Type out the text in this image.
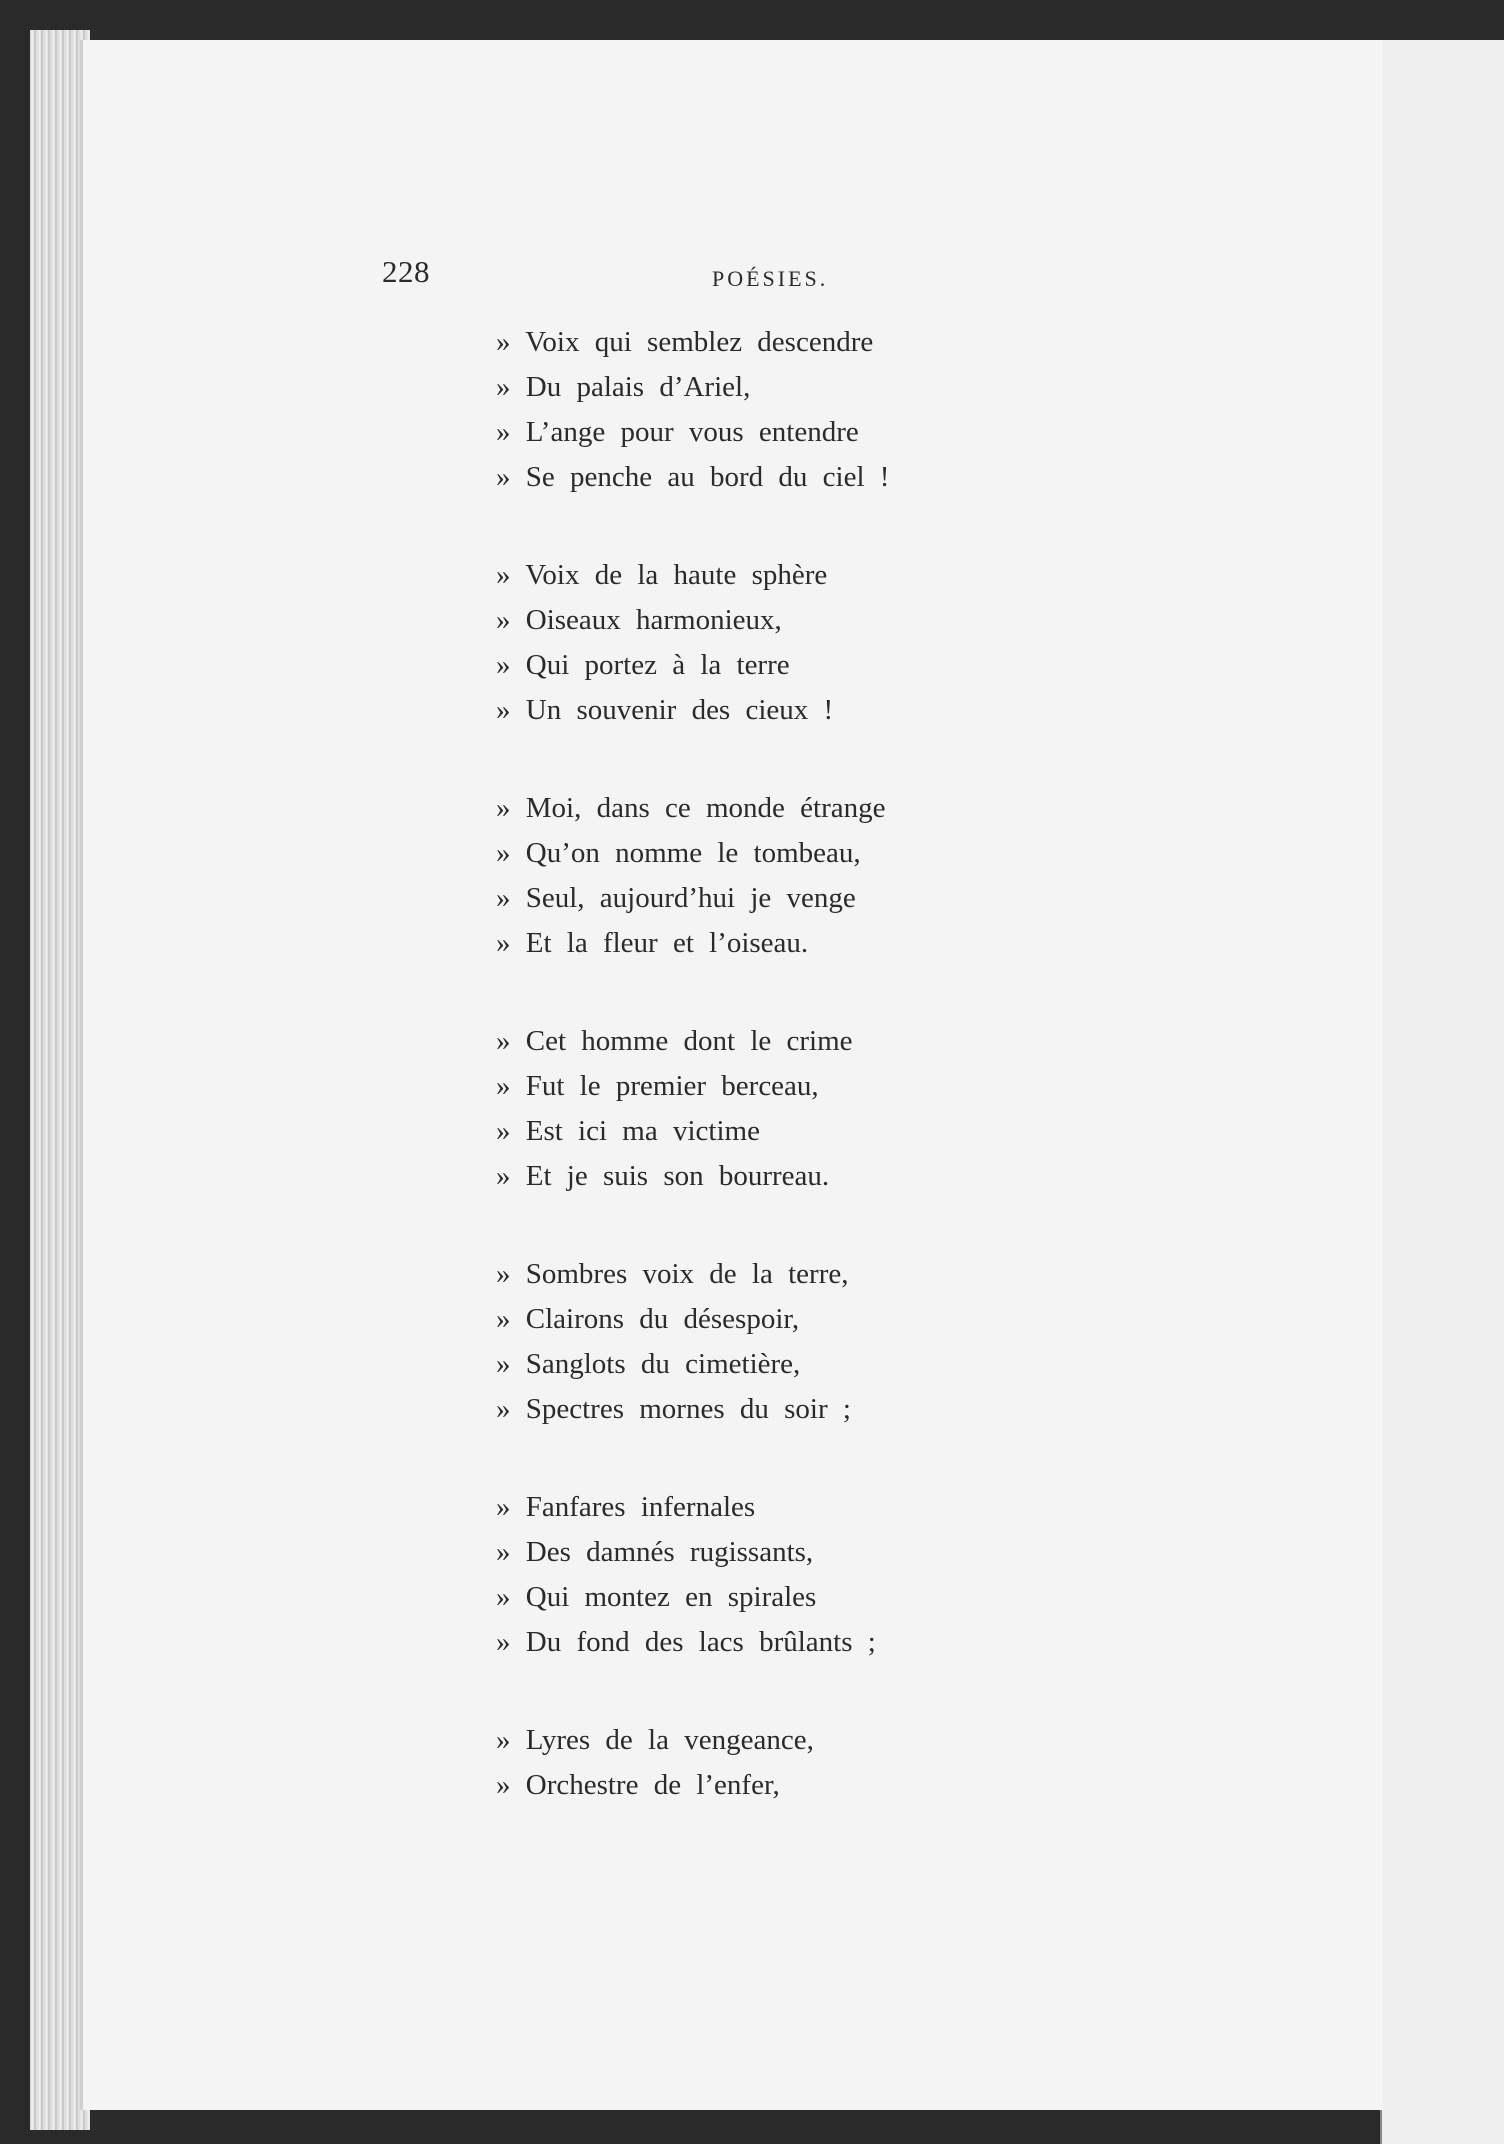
228	POÉSIES.
» Voix qui semblez descendre
» Du palais d’Ariel,
» L’ange pour vous entendre
» Se penche au bord du ciel !
» Voix de la haute sphère
» Oiseaux harmonieux,
» Qui portez à la terre
» Un souvenir des cieux !
» Moi, dans ce monde étrange
» Qu’on nomme le tombeau,
» Seul, aujourd’hui je venge
» Et la fleur et l’oiseau.
» Cet homme dont le crime
» Fut le premier berceau,
» Est ici ma victime
» Et je suis son bourreau.
» Sombres voix de la terre,
» Clairons du désespoir,
» Sanglots du cimetière,
» Spectres mornes du soir ;
» Fanfares infernales
» Des damnés rugissants,
» Qui montez en spirales
» Du fond des lacs brûlants ;
» Lyres de la vengeance,
» Orchestre de l’enfer,
